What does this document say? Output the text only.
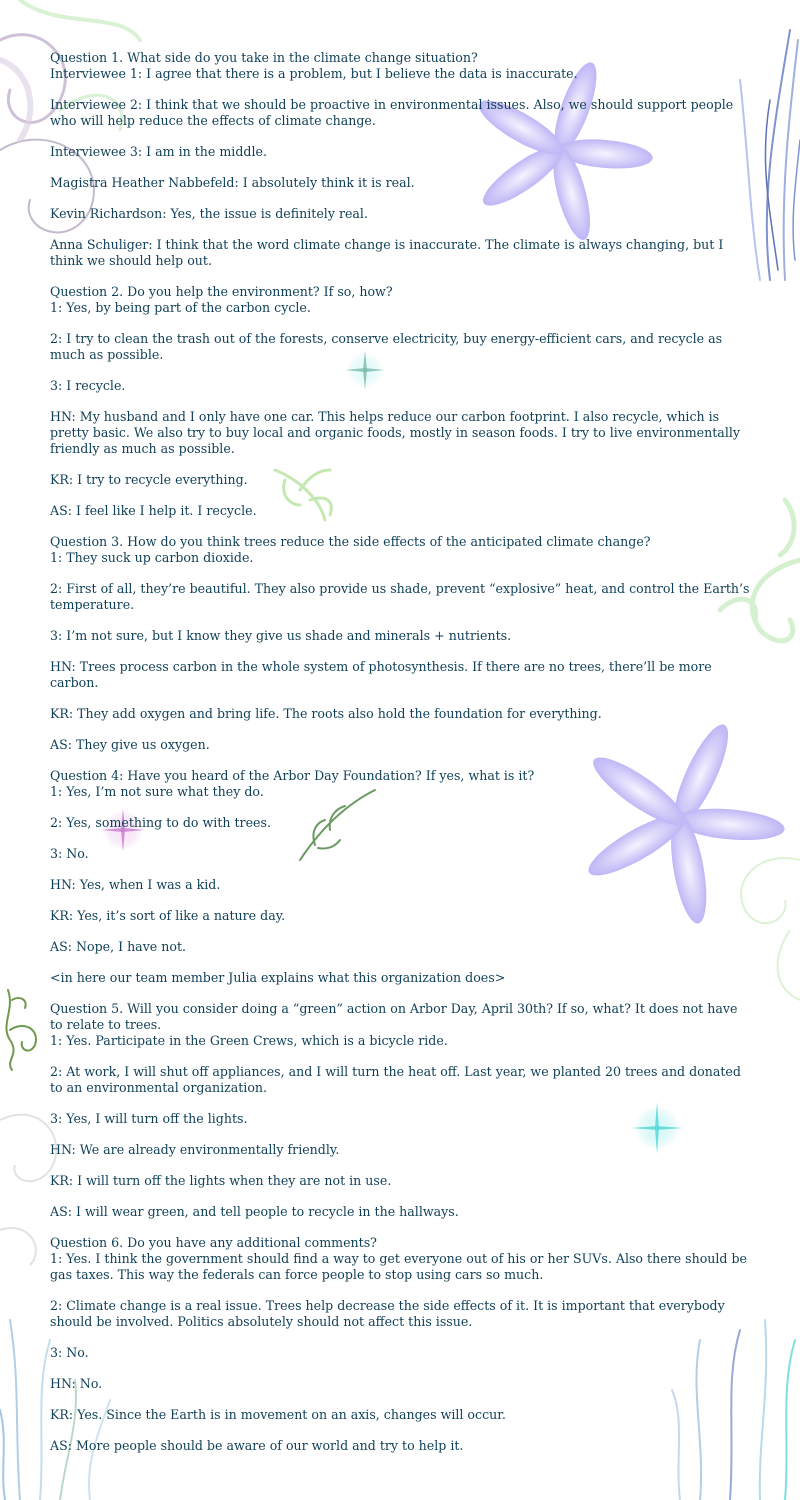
Question 1. What side do you take in the climate change situation?
Interviewee 1: I agree that there is a problem, but I believe the data is inaccurate.

Interviewee 2: I think that we should be proactive in environmental issues. Also, we should support people who will help reduce the effects of climate change.

Interviewee 3: I am in the middle.

Magistra Heather Nabbefeld: I absolutely think it is real.

Kevin Richardson: Yes, the issue is definitely real.

Anna Schuliger: I think that the word climate change is inaccurate. The climate is always changing, but I think we should help out.

Question 2. Do you help the environment? If so, how?
1: Yes, by being part of the carbon cycle.

2: I try to clean the trash out of the forests, conserve electricity, buy energy-efficient cars, and recycle as much as possible.

3: I recycle.

HN: My husband and I only have one car. This helps reduce our carbon footprint. I also recycle, which is pretty basic. We also try to buy local and organic foods, mostly in season foods. I try to live environmentally friendly as much as possible.

KR: I try to recycle everything.

AS: I feel like I help it. I recycle.

Question 3. How do you think trees reduce the side effects of the anticipated climate change?
1: They suck up carbon dioxide.

2: First of all, they’re beautiful. They also provide us shade, prevent “explosive” heat, and control the Earth’s temperature.

3: I’m not sure, but I know they give us shade and minerals + nutrients.

HN: Trees process carbon in the whole system of photosynthesis. If there are no trees, there’ll be more carbon.

KR: They add oxygen and bring life. The roots also hold the foundation for everything.

AS: They give us oxygen.

Question 4: Have you heard of the Arbor Day Foundation? If yes, what is it?
1: Yes, I’m not sure what they do.

2: Yes, something to do with trees.

3: No.

HN: Yes, when I was a kid.

KR: Yes, it’s sort of like a nature day.

AS: Nope, I have not.

<in here our team member Julia explains what this organization does>

Question 5. Will you consider doing a “green” action on Arbor Day, April 30th? If so, what? It does not have to relate to trees.
1: Yes. Participate in the Green Crews, which is a bicycle ride.

2: At work, I will shut off appliances, and I will turn the heat off. Last year, we planted 20 trees and donated to an environmental organization.

3: Yes, I will turn off the lights.

HN: We are already environmentally friendly.

KR: I will turn off the lights when they are not in use.

AS: I will wear green, and tell people to recycle in the hallways.

Question 6. Do you have any additional comments?
1: Yes. I think the government should find a way to get everyone out of his or her SUVs. Also there should be gas taxes. This way the federals can force people to stop using cars so much.

2: Climate change is a real issue. Trees help decrease the side effects of it. It is important that everybody should be involved. Politics absolutely should not affect this issue.

3: No.

HN: No.

KR: Yes. Since the Earth is in movement on an axis, changes will occur.

AS: More people should be aware of our world and try to help it.
